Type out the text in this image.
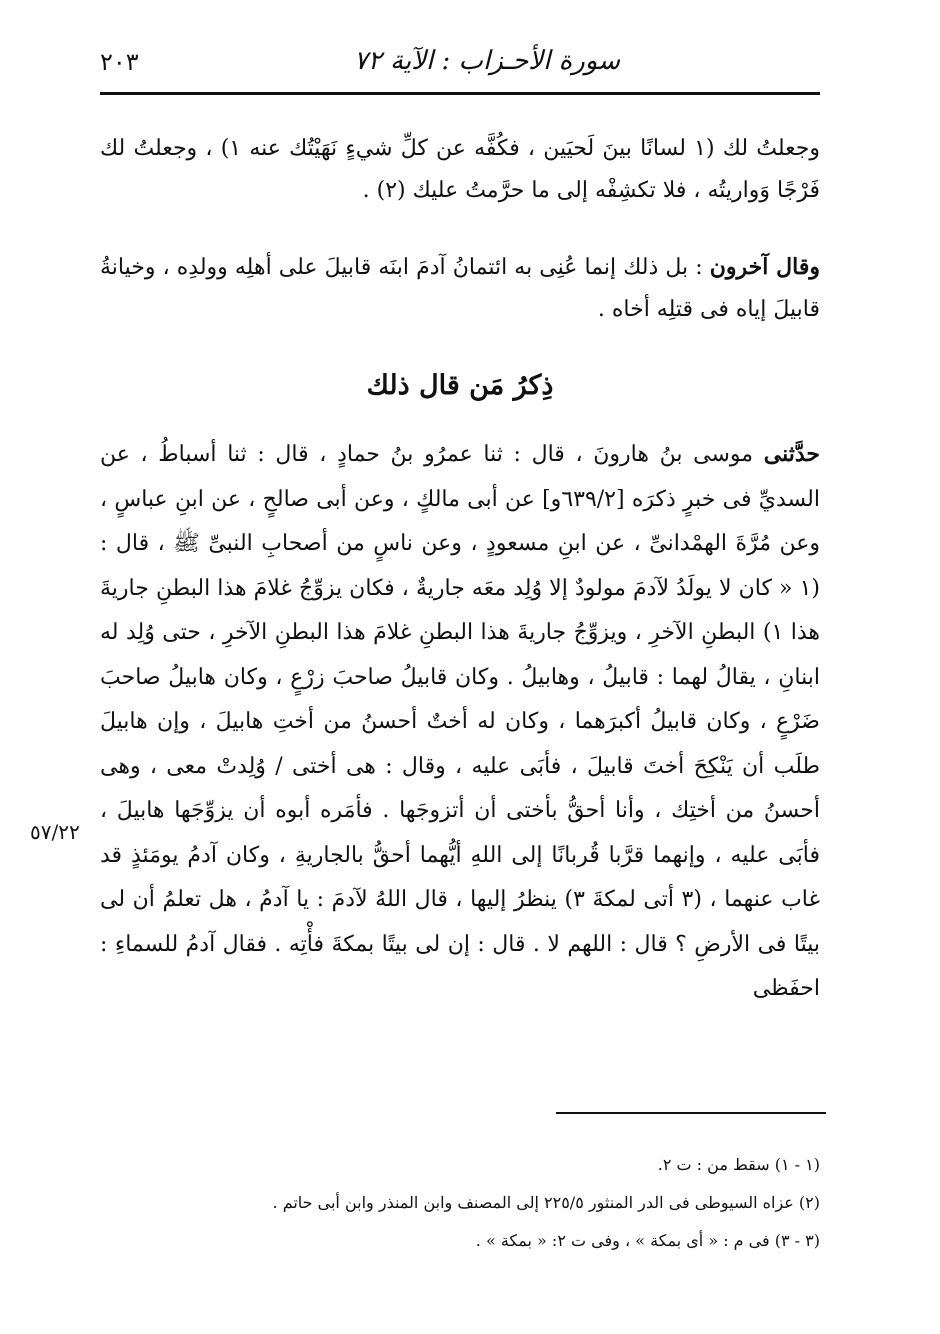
سورة الأحـزاب : الآية ٧٢
٢٠٣
وجعلتُ لك (١ لسانًا بينَ لَحيَين ، فكُفَّه عن كلِّ شيءٍ نَهَيْتُك عنه ١) ، وجعلتُ لك فَرْجًا وَواريتُه ، فلا تكشِفْه إلى ما حرَّمتُ عليك (٢) .
وقال آخرون : بل ذلك إنما عُنِى به ائتمانُ آدمَ ابنَه قابيلَ على أهلِه وولدِه ، وخيانةُ قابيلَ إياه فى قتلِه أخاه .
ذِكرُ مَن قال ذلك
حدَّثنى موسى بنُ هارونَ ، قال : ثنا عمرُو بنُ حمادٍ ، قال : ثنا أسباطُ ، عن السديِّ فى خبرٍ ذكرَه [٦٣٩/٢و] عن أبى مالكٍ ، وعن أبى صالحٍ ، عن ابنِ عباسٍ ، وعن مُرَّةَ الهمْدانىِّ ، عن ابنِ مسعودٍ ، وعن ناسٍ من أصحابِ النبىِّ ﷺ ، قال : (١ « كان لا يولَدُ لآدمَ مولودٌ إلا وُلِد معَه جاريةٌ ، فكان يزوِّجُ غلامَ هذا البطنِ جاريةَ هذا ١) البطنِ الآخرِ ، ويزوِّجُ جاريةَ هذا البطنِ غلامَ هذا البطنِ الآخرِ ، حتى وُلِد له ابنانِ ، يقالُ لهما : قابيلُ ، وهابيلُ . وكان قابيلُ صاحبَ زرْعٍ ، وكان هابيلُ صاحبَ ضَرْعٍ ، وكان قابيلُ أكبرَهما ، وكان له أختٌ أحسنُ من أختِ هابيلَ ، وإن هابيلَ طلَب أن يَنْكِحَ أختَ قابيلَ ، فأبَى عليه ، وقال : هى أختى / وُلِدتْ معى ، وهى أحسنُ من أختِك ، وأنا أحقُّ بأختى أن أتزوجَها . فأمَره أبوه أن يزوِّجَها هابيلَ ، فأبَى عليه ، وإنهما قرَّبا قُربانًا إلى اللهِ أيُّهما أحقُّ بالجاريةِ ، وكان آدمُ يومَئذٍ قد غاب عنهما ، (٣ أتى لمكةَ ٣) ينظرُ إليها ، قال اللهُ لآدمَ : يا آدمُ ، هل تعلمُ أن لى بيتًا فى الأرضِ ؟ قال : اللهم لا . قال : إن لى بيتًا بمكةَ فأْتِه . فقال آدمُ للسماءِ : احفَظى
٥٧/٢٢
(١ - ١) سقط من : ت ٢.
(٢) عزاه السيوطى فى الدر المنثور ٢٢٥/٥ إلى المصنف وابن المنذر وابن أبى حاتم .
(٣ - ٣) فى م : « أى بمكة » ، وفى ت ٢: « بمكة » .
